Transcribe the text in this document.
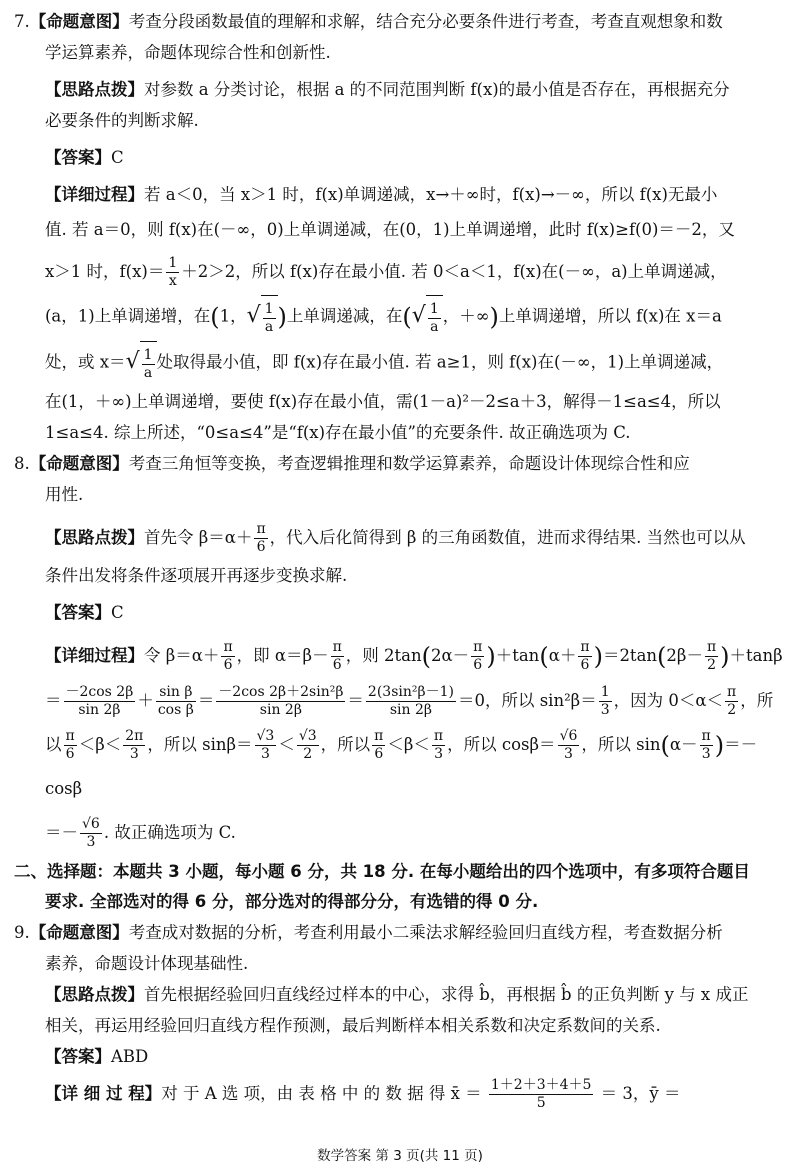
7.【命题意图】考查分段函数最值的理解和求解，结合充分必要条件进行考查，考查直观想象和数
学运算素养，命题体现综合性和创新性.

【思路点拨】对参数 a 分类讨论，根据 a 的不同范围判断 f(x)的最小值是否存在，再根据充分
必要条件的判断求解.

【答案】C

【详细过程】若 a＜0，当 x＞1 时，f(x)单调递减，x→＋∞时，f(x)→－∞，所以 f(x)无最小

值. 若 a＝0，则 f(x)在(－∞，0)上单调递减，在(0，1)上单调递增，此时 f(x)≥f(0)＝－2，又

x＞1 时，$f(x)= \frac{1}{x} +2>2$，所以 f(x)存在最小值. 若 0＜a＜1，f(x)在(－∞，a)上单调递减，

(a，1)上单调递增，在(1，√ $\frac{1}{a}$ )上单调递减，在(√ $\frac{1}{a}$ ，＋∞)上单调递增，所以 f(x)在 x＝a

处，或 $x=√ \frac{1}{a}$ 处取得最小值，即 f(x)存在最小值. 若 a≥1，则 f(x)在(－∞，1)上单调递减，

在(1，＋∞)上单调递增，要使 f(x)存在最小值，需(1－a)²－2≤a＋3，解得－1≤a≤4，所以

1≤a≤4. 综上所述，“0≤a≤4”是“f(x)存在最小值”的充要条件. 故正确选项为 C.

8.【命题意图】考查三角恒等变换，考查逻辑推理和数学运算素养，命题设计体现综合性和应
用性.

【思路点拨】首先令 $\beta=\alpha+ \frac{\pi}{6}$ ，代入后化简得到 β 的三角函数值，进而求得结果. 当然也可以从

条件出发将条件逐项展开再逐步变换求解.

【答案】C

【详细过程】令 $\beta=\alpha+ \frac{\pi}{6}$ ，即 $\alpha=\beta- \frac{\pi}{6}$ ，则 $2\tan(2\alpha- \frac{\pi}{6} )+\tan(\alpha+ \frac{\pi}{6} )=2\tan(2\beta- \frac{\pi}{2} )+\tan\beta$

＝ $\frac{-2\cos 2\beta}{\sin 2\beta} + \frac{\text{sin β}}{\text{cos β}} = \frac{\text{－2cos 2β＋2sin²β}}{\sin 2\beta} = \frac{\text{2(3sin²β－1)}}{\sin 2\beta} =0$，所以 $\sin^2\beta= \frac{1}{3}$ ，因为 $0<\alpha< \frac{\pi}{2}$ ，所

以 $\frac{\pi}{6} <\beta< \frac{2\pi}{3}$ ，所以 $\sin\beta= \frac{√3}{3} < \frac{√3}{2}$ ，所以 $\frac{\pi}{6} <\beta< \frac{\pi}{3}$ ，所以 $\cos\beta= \frac{√6}{3}$ ，所以 $\sin(\alpha- \frac{\pi}{3} )=-\cos\beta$

＝－ $\frac{√6}{3}$ . 故正确选项为 C.

二、选择题：本题共 3 小题，每小题 6 分，共 18 分. 在每小题给出的四个选项中，有多项符合题目
要求. 全部选对的得 6 分，部分选对的得部分分，有选错的得 0 分.

9.【命题意图】考查成对数据的分析，考查利用最小二乘法求解经验回归直线方程，考查数据分析
素养，命题设计体现基础性.

【思路点拨】首先根据经验回归直线经过样本的中心，求得 b̂，再根据 b̂ 的正负判断 y 与 x 成正
相关，再运用经验回归直线方程作预测，最后判断样本相关系数和决定系数间的关系.

【答案】ABD

【详 细 过 程】对 于 A 选 项，由 表 格 中 的 数 据 得 x̄ ＝ $\frac{1+2+3+4+5}{5} = 3$，ȳ ＝

数学答案 第 3 页(共 11 页)
